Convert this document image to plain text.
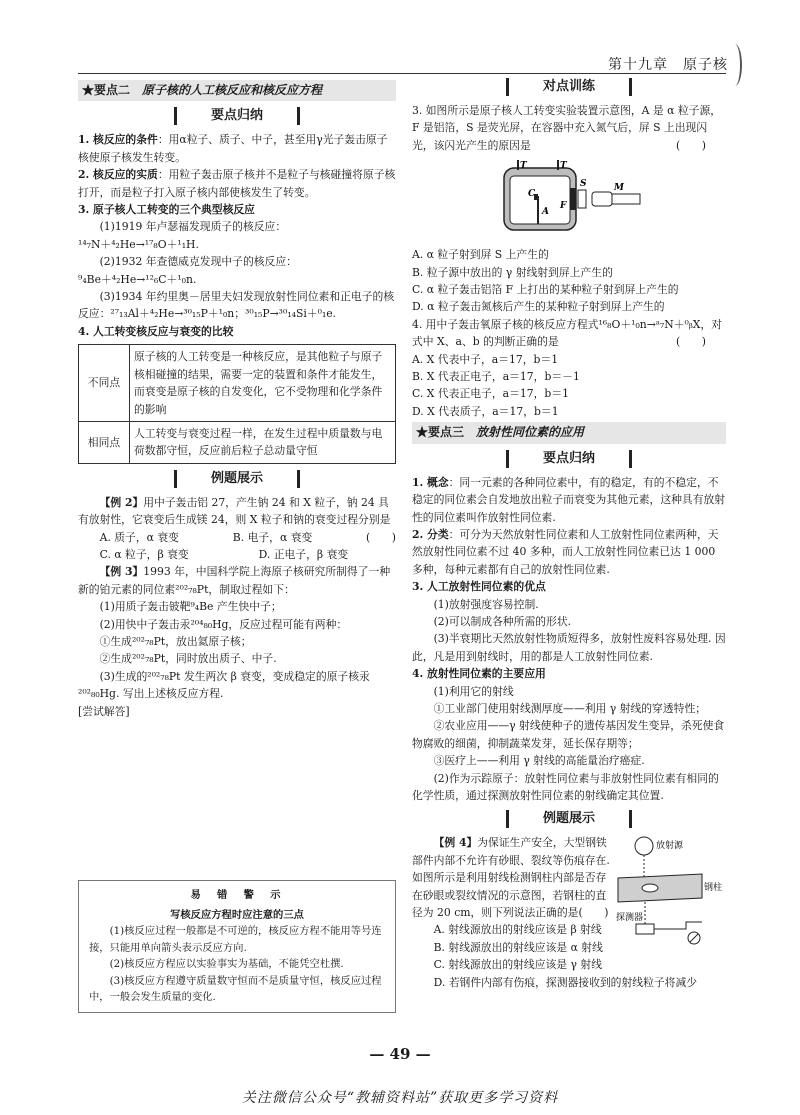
第十九章　原子核
★要点二　 原子核的人工核反应和核反应方程
要点归纳

1. 核反应的条件：用α粒子、质子、中子，甚至用γ光子轰击原子核使原子核发生转变。

2. 核反应的实质：用粒子轰击原子核并不是粒子与核碰撞将原子核打开，而是粒子打入原子核内部使核发生了转变。

3. 原子核人工转变的三个典型核反应

(1)1919 年卢瑟福发现质子的核反应：

¹⁴₇N＋⁴₂He→¹⁷₈O＋¹₁H.

(2)1932 年查德威克发现中子的核反应：

⁹₄Be＋⁴₂He→¹²₆C＋¹₀n.

(3)1934 年约里奥－居里夫妇发现放射性同位素和正电子的核反应：²⁷₁₃Al＋⁴₂He→³⁰₁₅P＋¹₀n；³⁰₁₅P→³⁰₁₄Si＋⁰₁e.

4. 人工转变核反应与衰变的比较

不同点	原子核的人工转变是一种核反应，是其他粒子与原子核相碰撞的结果，需要一定的装置和条件才能发生，而衰变是原子核的自发变化，它不受物理和化学条件的影响
相同点	人工转变与衰变过程一样，在发生过程中质量数与电荷数都守恒，反应前后粒子总动量守恒
例题展示

【例 2】用中子轰击铝 27，产生钠 24 和 X 粒子，钠 24 具有放射性，它衰变后生成镁 24，则 X 粒子和钠的衰变过程分别是
(　　)

A. 质子，α 衰变	B. 电子，α 衰变
C. α 粒子，β 衰变	D. 正电子，β 衰变

【例 3】1993 年，中国科学院上海原子核研究所制得了一种新的铂元素的同位素²⁰²₇₈Pt，制取过程如下：

(1)用质子轰击铍靶⁹₄Be 产生快中子；

(2)用快中子轰击汞²⁰⁴₈₀Hg，反应过程可能有两种：

①生成²⁰²₇₈Pt，放出氦原子核；

②生成²⁰²₇₈Pt，同时放出质子、中子.

(3)生成的²⁰²₇₈Pt 发生两次 β 衰变，变成稳定的原子核汞²⁰²₈₀Hg. 写出上述核反应方程.

[尝试解答]

易　错　警　示
写核反应方程时应注意的三点

(1)核反应过程一般都是不可逆的，核反应方程不能用等号连接，只能用单向箭头表示反应方向.

(2)核反应方程应以实验事实为基础，不能凭空杜撰.

(3)核反应方程遵守质量数守恒而不是质量守恒，核反应过程中，一般会发生质量的变化.

对点训练

3. 如图所示是原子核人工转变实验装置示意图，A 是 α 粒子源，F 是铝箔，S 是荧光屏，在容器中充入氮气后，屏 S 上出现闪光，该闪光产生的原因是	(　　)

T	T
C
A
S
F
M

A. α 粒子射到屏 S 上产生的

B. 粒子源中放出的 γ 射线射到屏上产生的

C. α 粒子轰击铝箔 F 上打出的某种粒子射到屏上产生的

D. α 粒子轰击氮核后产生的某种粒子射到屏上产生的

4. 用中子轰击氧原子核的核反应方程式¹⁶₈O＋¹₀n→ᵃ₇N＋⁰ᵦX，对式中 X、a、b 的判断正确的是	(　　)

A. X 代表中子，a＝17，b＝1

B. X 代表正电子，a＝17，b＝－1

C. X 代表正电子，a＝17，b＝1

D. X 代表质子，a＝17，b＝1

★要点三　 放射性同位素的应用
要点归纳

1. 概念：同一元素的各种同位素中，有的稳定，有的不稳定，不稳定的同位素会自发地放出粒子而衰变为其他元素，这种具有放射性的同位素叫作放射性同位素.

2. 分类：可分为天然放射性同位素和人工放射性同位素两种，天然放射性同位素不过 40 多种，而人工放射性同位素已达 1 000 多种，每种元素都有自己的放射性同位素.

3. 人工放射性同位素的优点

(1)放射强度容易控制.

(2)可以制成各种所需的形状.

(3)半衰期比天然放射性物质短得多，放射性废料容易处理. 因此，凡是用到射线时，用的都是人工放射性同位素.

4. 放射性同位素的主要应用

(1)利用它的射线

①工业部门使用射线测厚度——利用 γ 射线的穿透特性；

②农业应用——γ 射线使种子的遗传基因发生变异，杀死使食物腐败的细菌，抑制蔬菜发芽，延长保存期等；

③医疗上——利用 γ 射线的高能量治疗癌症.

(2)作为示踪原子：放射性同位素与非放射性同位素有相同的化学性质，通过探测放射性同位素的射线确定其位置.

例题展示
放射源
钢柱
探测器

【例 4】为保证生产安全，大型钢铁部件内部不允许有砂眼、裂纹等伤痕存在. 如图所示是利用射线检测钢柱内部是否存在砂眼或裂纹情况的示意图，若钢柱的直径为 20 cm，则下列说法正确的是(　　)

A. 射线源放出的射线应该是 β 射线

B. 射线源放出的射线应该是 α 射线

C. 射线源放出的射线应该是 γ 射线

D. 若钢件内部有伤痕，探测器接收到的射线粒子将减少

— 49 —
关注微信公众号“教辅资料站”获取更多学习资料
